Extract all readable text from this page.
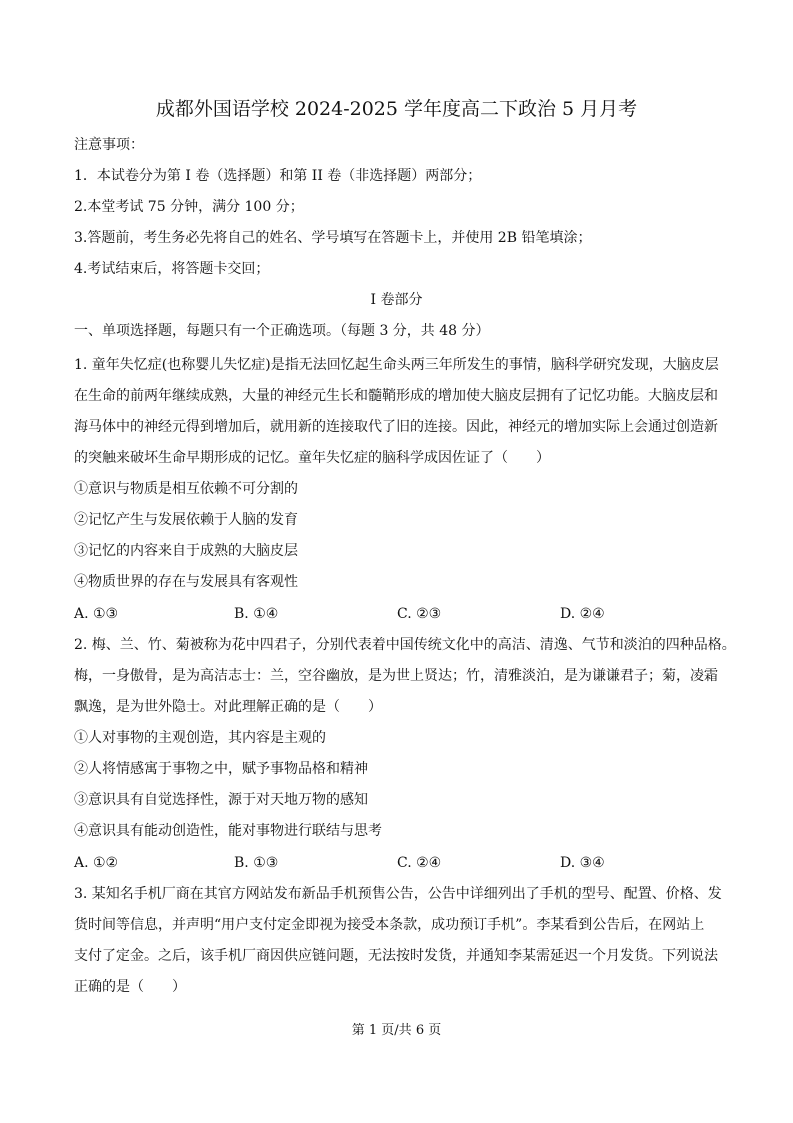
成都外国语学校 2024-2025 学年度高二下政治 5 月月考
注意事项：
1．本试卷分为第 I 卷（选择题）和第 II 卷（非选择题）两部分；
2.本堂考试 75 分钟，满分 100 分；
3.答题前，考生务必先将自己的姓名、学号填写在答题卡上，并使用 2B 铅笔填涂；
4.考试结束后，将答题卡交回；
I 卷部分
一、单项选择题，每题只有一个正确选项。（每题 3 分，共 48 分）
1. 童年失忆症(也称婴儿失忆症)是指无法回忆起生命头两三年所发生的事情，脑科学研究发现，大脑皮层
在生命的前两年继续成熟，大量的神经元生长和髓鞘形成的增加使大脑皮层拥有了记忆功能。大脑皮层和
海马体中的神经元得到增加后，就用新的连接取代了旧的连接。因此，神经元的增加实际上会通过创造新
的突触来破坏生命早期形成的记忆。童年失忆症的脑科学成因佐证了（　　）
①意识与物质是相互依赖不可分割的
②记忆产生与发展依赖于人脑的发育
③记忆的内容来自于成熟的大脑皮层
④物质世界的存在与发展具有客观性
A. ①③	B. ①④	C. ②③	D. ②④
2. 梅、兰、竹、菊被称为花中四君子，分别代表着中国传统文化中的高洁、清逸、气节和淡泊的四种品格。
梅，一身傲骨，是为高洁志士：兰，空谷幽放，是为世上贤达；竹，清雅淡泊，是为谦谦君子；菊，凌霜
飘逸，是为世外隐士。对此理解正确的是（　　）
①人对事物的主观创造，其内容是主观的
②人将情感寓于事物之中，赋予事物品格和精神
③意识具有自觉选择性，源于对天地万物的感知
④意识具有能动创造性，能对事物进行联结与思考
A. ①②	B. ①③	C. ②④	D. ③④
3. 某知名手机厂商在其官方网站发布新品手机预售公告，公告中详细列出了手机的型号、配置、价格、发
货时间等信息，并声明“用户支付定金即视为接受本条款，成功预订手机”。李某看到公告后，在网站上
支付了定金。之后，该手机厂商因供应链问题，无法按时发货，并通知李某需延迟一个月发货。下列说法
正确的是（　　）
第 1 页/共 6 页
